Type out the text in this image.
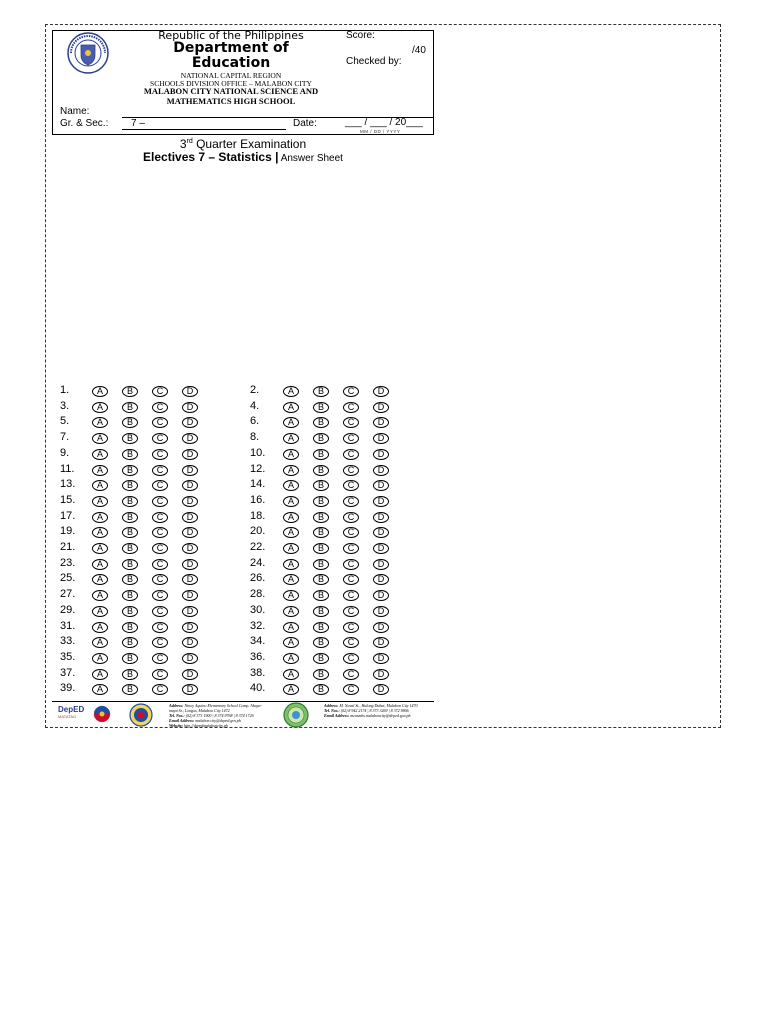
Republic of the Philippines
Department of
Education
NATIONAL CAPITAL REGION
SCHOOLS DIVISION OFFICE – MALABON CITY
MALABON CITY NATIONAL SCIENCE AND
MATHEMATICS HIGH SCHOOL
Score:
/40
Checked by:
Name:
Gr. & Sec.: 7 –	Date:	___ / ___ / 20___
MM / DD / YYYY
3rd Quarter Examination
Electives 7 – Statistics | Answer Sheet
1.	A	B	C	D
3.	A	B	C	D
5.	A	B	C	D
7.	A	B	C	D
9.	A	B	C	D
11.	A	B	C	D
13.	A	B	C	D
15.	A	B	C	D
17.	A	B	C	D
19.	A	B	C	D
21.	A	B	C	D
23.	A	B	C	D
25.	A	B	C	D
27.	A	B	C	D
29.	A	B	C	D
31.	A	B	C	D
33.	A	B	C	D
35.	A	B	C	D
37.	A	B	C	D
39.	A	B	C	D
2.	A	B	C	D
4.	A	B	C	D
6.	A	B	C	D
8.	A	B	C	D
10.	A	B	C	D
12.	A	B	C	D
14.	A	B	C	D
16.	A	B	C	D
18.	A	B	C	D
20.	A	B	C	D
22.	A	B	C	D
24.	A	B	C	D
26.	A	B	C	D
28.	A	B	C	D
30.	A	B	C	D
32.	A	B	C	D
34.	A	B	C	D
36.	A	B	C	D
38.	A	B	C	D
40.	A	B	C	D
DepED
MATATAG
Address: Ninoy Aquino Elementary School Comp. Abaya-maya St., Longos, Malabon City 1472
Tel. Nos.: (02) 8 373 1900 | 8 374 9768 | 8 374 1726
Email Address: malabon.city@deped.gov.ph
Website: http://depedmalaboncity.ph
Address: M. Naval St., Hulong Duhat, Malabon City 1470
Tel. Nos.: (02) 8 942 2174 | 8 373 3269 | 8 372 9806
Email Address: mcnsmhs.malaboncity@deped.gov.ph
